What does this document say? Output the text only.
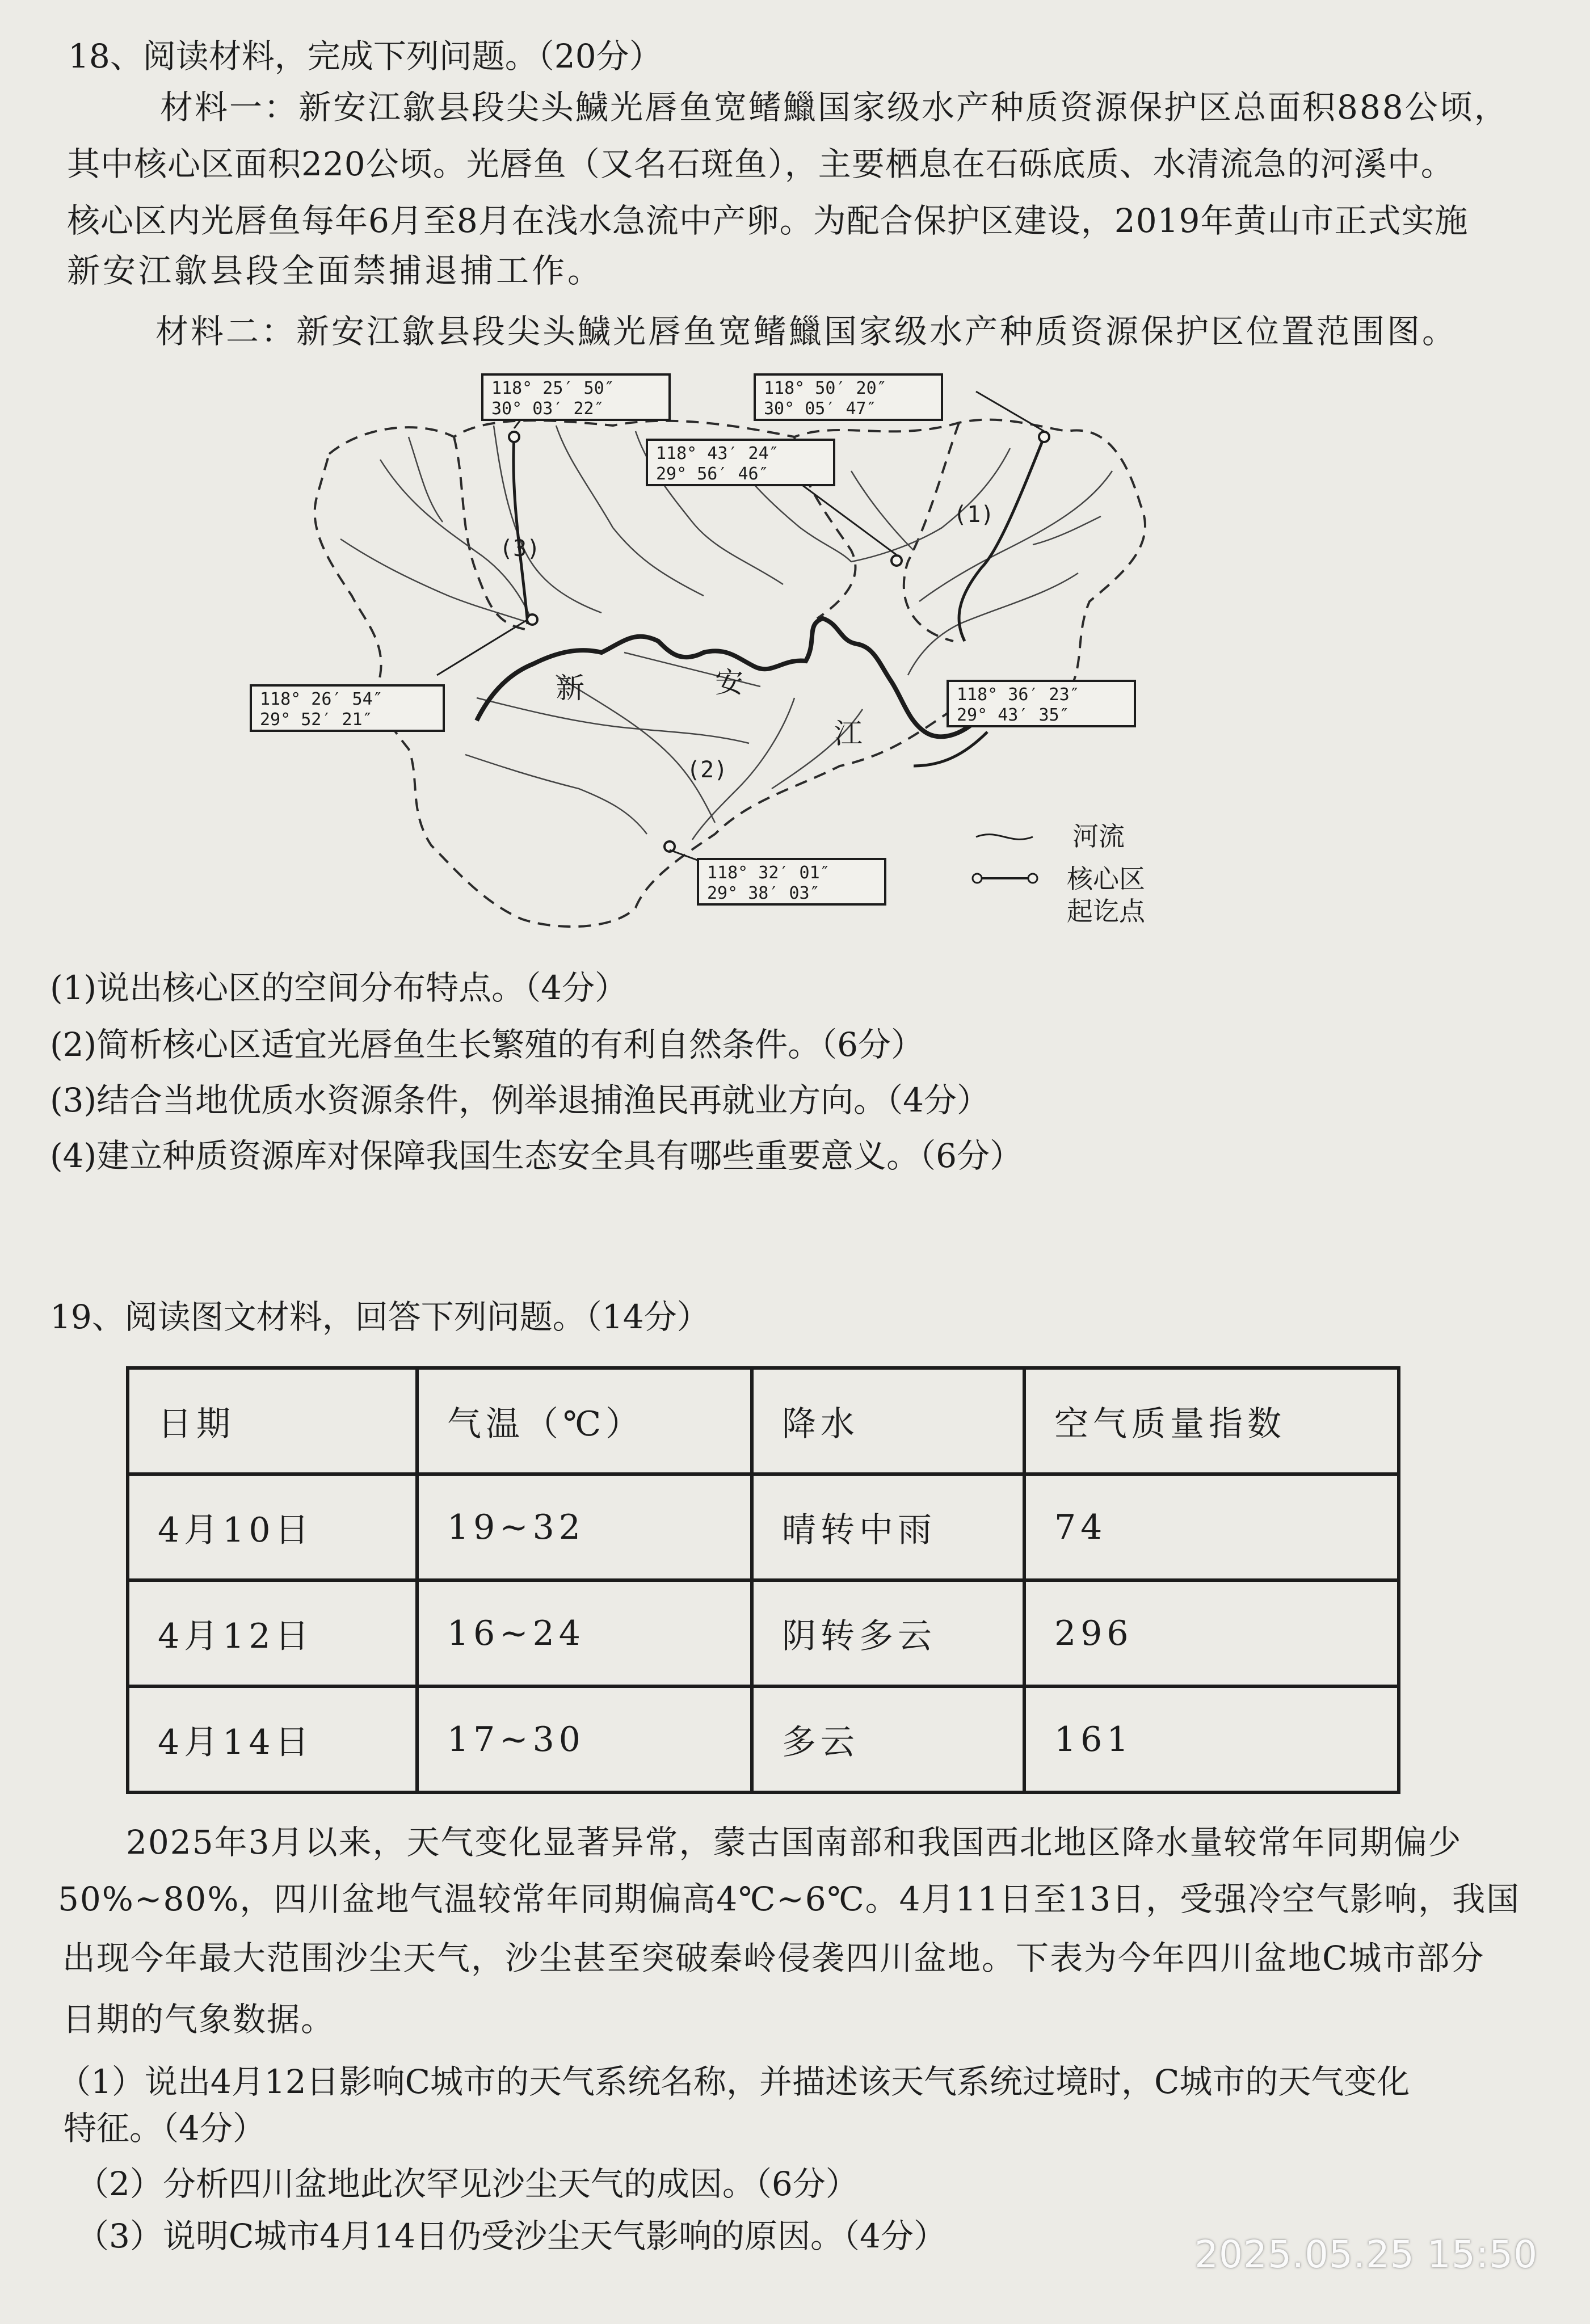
18、阅读材料，完成下列问题。（20分）
材料一：新安江歙县段尖头鱥光唇鱼宽鳍鱲国家级水产种质资源保护区总面积888公顷，
其中核心区面积220公顷。光唇鱼（又名石斑鱼），主要栖息在石砾底质、水清流急的河溪中。
核心区内光唇鱼每年6月至8月在浅水急流中产卵。为配合保护区建设，2019年黄山市正式实施
新安江歙县段全面禁捕退捕工作。
材料二：新安江歙县段尖头鱥光唇鱼宽鳍鱲国家级水产种质资源保护区位置范围图。
118° 25′ 50″
30° 03′ 22″
118° 50′ 20″
30° 05′ 47″
118° 43′ 24″
29° 56′ 46″
118° 26′ 54″
29° 52′ 21″
118° 36′ 23″
29° 43′ 35″
118° 32′ 01″
29° 38′ 03″
新	安
江
(1)
(2)
(3)
河流
核心区
起讫点
(1)说出核心区的空间分布特点。（4分）
(2)简析核心区适宜光唇鱼生长繁殖的有利自然条件。（6分）
(3)结合当地优质水资源条件，例举退捕渔民再就业方向。（4分）
(4)建立种质资源库对保障我国生态安全具有哪些重要意义。（6分）
19、阅读图文材料，回答下列问题。（14分）
日期	气温（℃）	降水	空气质量指数
4月10日	19~32	晴转中雨	74
4月12日	16~24	阴转多云	296
4月14日	17~30	多云	161
2025年3月以来，天气变化显著异常，蒙古国南部和我国西北地区降水量较常年同期偏少
50%~80%，四川盆地气温较常年同期偏高4℃~6℃。4月11日至13日，受强冷空气影响，我国
出现今年最大范围沙尘天气，沙尘甚至突破秦岭侵袭四川盆地。下表为今年四川盆地C城市部分
日期的气象数据。
（1）说出4月12日影响C城市的天气系统名称，并描述该天气系统过境时，C城市的天气变化
特征。（4分）
（2）分析四川盆地此次罕见沙尘天气的成因。（6分）
（3）说明C城市4月14日仍受沙尘天气影响的原因。（4分）	2025.05.25 15:50
